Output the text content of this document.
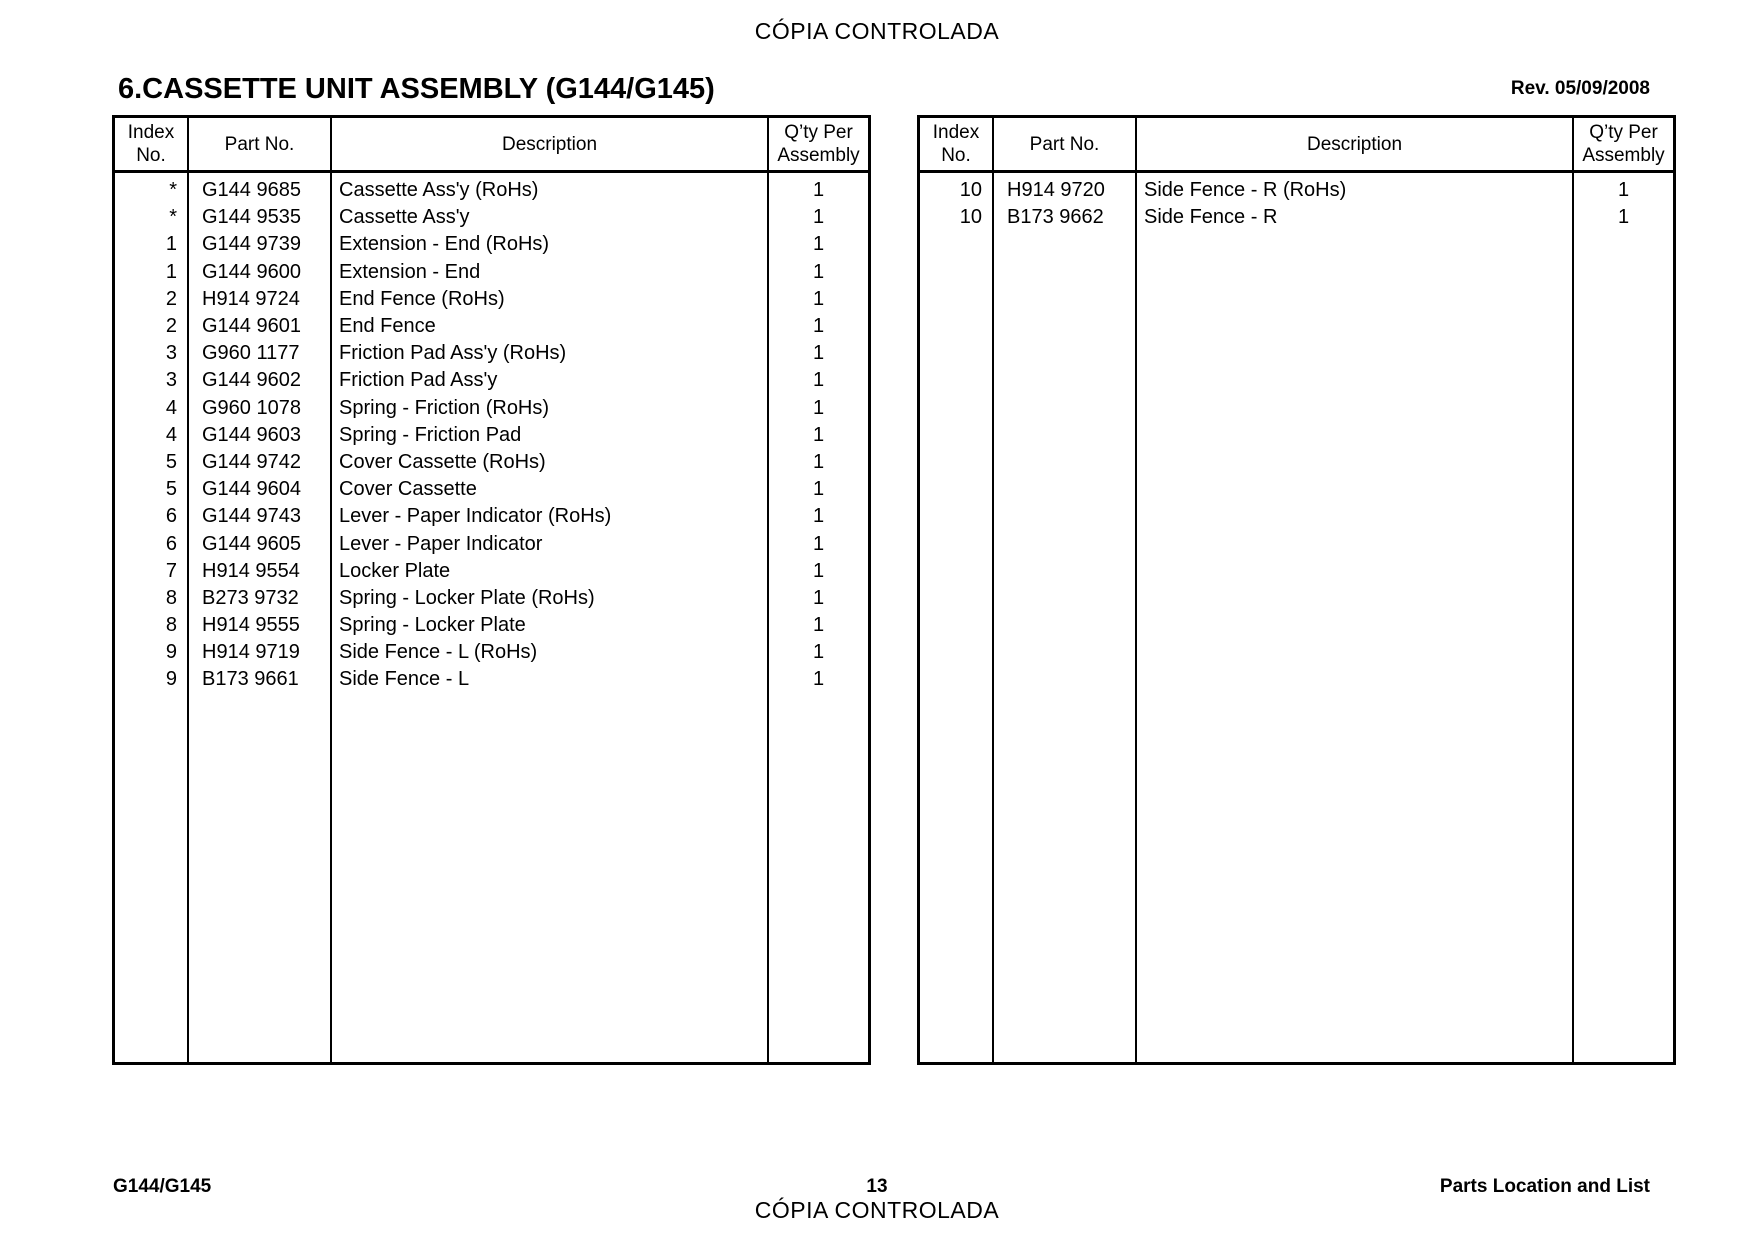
CÓPIA CONTROLADA
6.CASSETTE UNIT ASSEMBLY (G144/G145)	Rev. 05/09/2008
Index
No.	Part No.	Description	Q’ty Per
Assembly
*	G144 9685	Cassette Ass'y (RoHs)	1
*	G144 9535	Cassette Ass'y	1
1	G144 9739	Extension - End (RoHs)	1
1	G144 9600	Extension - End	1
2	H914 9724	End Fence (RoHs)	1
2	G144 9601	End Fence	1
3	G960 1177	Friction Pad Ass'y (RoHs)	1
3	G144 9602	Friction Pad Ass'y	1
4	G960 1078	Spring - Friction (RoHs)	1
4	G144 9603	Spring - Friction Pad	1
5	G144 9742	Cover Cassette (RoHs)	1
5	G144 9604	Cover Cassette	1
6	G144 9743	Lever - Paper Indicator (RoHs)	1
6	G144 9605	Lever - Paper Indicator	1
7	H914 9554	Locker Plate	1
8	B273 9732	Spring - Locker Plate (RoHs)	1
8	H914 9555	Spring - Locker Plate	1
9	H914 9719	Side Fence - L (RoHs)	1
9	B173 9661	Side Fence - L	1

Index
No.	Part No.	Description	Q’ty Per
Assembly
10	H914 9720	Side Fence - R (RoHs)	1
10	B173 9662	Side Fence - R	1

G144/G145	13	Parts Location and List
CÓPIA CONTROLADA
